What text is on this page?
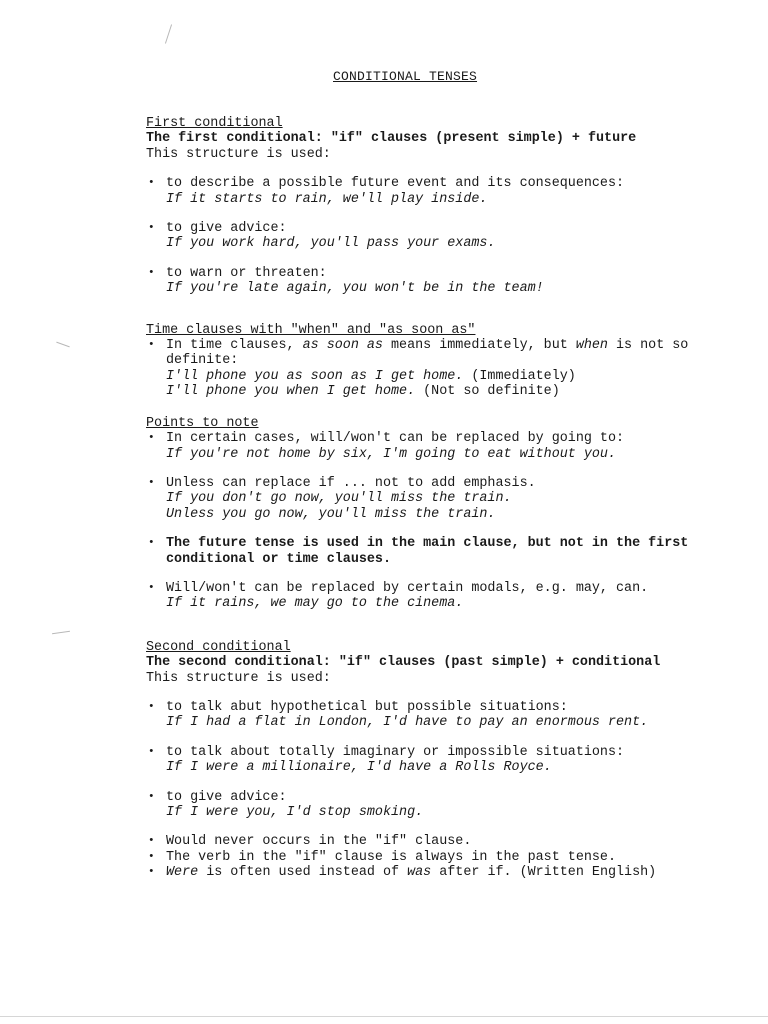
CONDITIONAL TENSES
First conditional
The first conditional: "if" clauses (present simple) + future
This structure is used:
• to describe a possible future event and its consequences:
If it starts to rain, we'll play inside.
• to give advice:
If you work hard, you'll pass your exams.
• to warn or threaten:
If you're late again, you won't be in the team!
Time clauses with "when" and "as soon as"
• In time clauses, as soon as means immediately, but when is not so definite:
I'll phone you as soon as I get home. (Immediately)
I'll phone you when I get home. (Not so definite)
Points to note
• In certain cases, will/won't can be replaced by going to:
If you're not home by six, I'm going to eat without you.
• Unless can replace if ... not to add emphasis.
If you don't go now, you'll miss the train.
Unless you go now, you'll miss the train.
• The future tense is used in the main clause, but not in the first conditional or time clauses.
• Will/won't can be replaced by certain modals, e.g. may, can.
If it rains, we may go to the cinema.
Second conditional
The second conditional: "if" clauses (past simple) + conditional
This structure is used:
• to talk abut hypothetical but possible situations:
If I had a flat in London, I'd have to pay an enormous rent.
• to talk about totally imaginary or impossible situations:
If I were a millionaire, I'd have a Rolls Royce.
• to give advice:
If I were you, I'd stop smoking.
• Would never occurs in the "if" clause.
• The verb in the "if" clause is always in the past tense.
• Were is often used instead of was after if. (Written English)
